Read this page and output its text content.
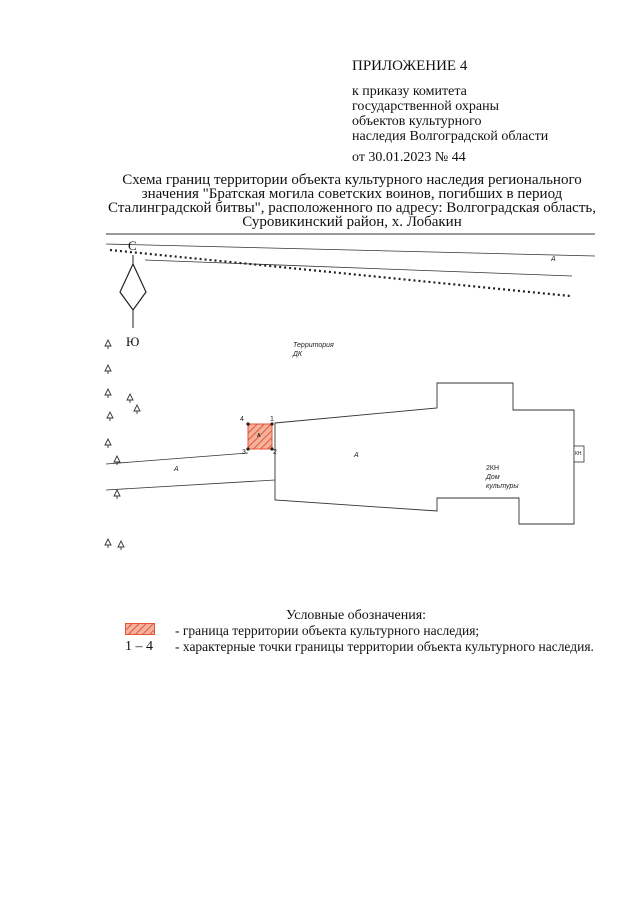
ПРИЛОЖЕНИЕ 4
к приказу комитета
государственной охраны
объектов культурного
наследия Волгоградской области
от 30.01.2023 № 44
Схема границ территории объекта культурного наследия регионального
значения "Братская могила советских воинов, погибших в период
Сталинградской битвы", расположенного по адресу: Волгоградская область,
Суровикинский район, х. Лобакин
С
Ю
А
Территория
ДК
А
А
2КН
Дом
культуры
КН
А
1
2
3
4
Условные обозначения:
- граница территории объекта культурного наследия;
1 – 4 - характерные точки границы территории объекта культурного наследия.
